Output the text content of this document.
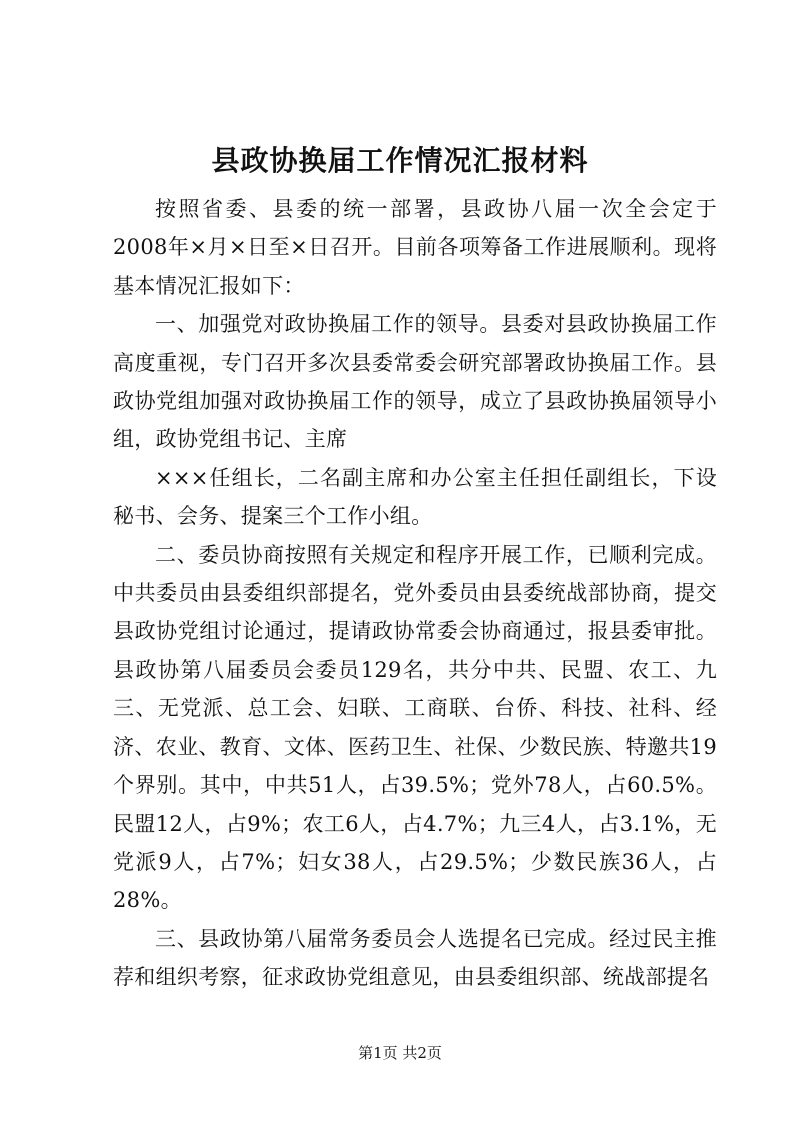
县政协换届工作情况汇报材料

按照省委、县委的统一部署，县政协八届一次全会定于2008年×月×日至×日召开。目前各项筹备工作进展顺利。现将基本情况汇报如下：

一、加强党对政协换届工作的领导。县委对县政协换届工作高度重视，专门召开多次县委常委会研究部署政协换届工作。县政协党组加强对政协换届工作的领导，成立了县政协换届领导小组，政协党组书记、主席

×××任组长，二名副主席和办公室主任担任副组长，下设秘书、会务、提案三个工作小组。

二、委员协商按照有关规定和程序开展工作，已顺利完成。中共委员由县委组织部提名，党外委员由县委统战部协商，提交县政协党组讨论通过，提请政协常委会协商通过，报县委审批。县政协第八届委员会委员129名，共分中共、民盟、农工、九三、无党派、总工会、妇联、工商联、台侨、科技、社科、经济、农业、教育、文体、医药卫生、社保、少数民族、特邀共19个界别。其中，中共51人，占39.5%；党外78人，占60.5%。民盟12人，占9%；农工6人，占4.7%；九三4人，占3.1%，无党派9人，占7%；妇女38人，占29.5%；少数民族36人，占28%。

三、县政协第八届常务委员会人选提名已完成。经过民主推荐和组织考察，征求政协党组意见，由县委组织部、统战部提名

第1页 共2页
